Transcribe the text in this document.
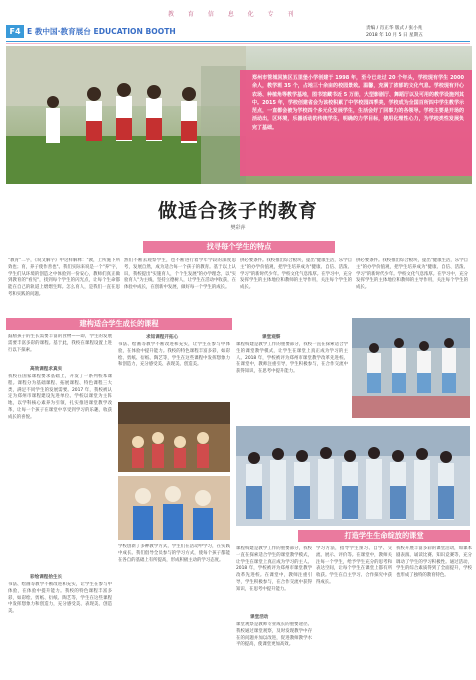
F4 E 教中国·教育展台 EDUCATION BOOTH
教 育 信 息 化 专 刊
责编 / 肖正华 版式 / 张小兆
2018 年 10 月 5 日 星期五
郑州市管城回族区五里堡小学创建于 1998 年，至今已走过 20 个年头，学校现有学生 2000 余人，教学班 35 个，占地三十余亩的校园景致。温馨，充满了浓郁的文化气息。学校现有开心农场、种植角等教学基地，图书馆藏书近 5 万册，大型影剧厅、舞蹈厅以及可用的教学设施列其中。2015 年，学校创建省会为该校积累了中学校园四季美，学校成为全国百所四中学生教学示范点，一直都会被为学校四个多元化发展学生，生活会好了回事力的各领导。学校主要是开场的活动出，区环境，乐器活动的传统学生，明确的力学目标，使用化理性心力，为学校类性发展负完了基础。
做适合孩子的教育
樊彩萍
找寻每个学生的特点
"教育"二字，《说文解字》中这样解释："教，上所施下所效也；育，养子使作善也"。我们实际来说是一个"养"字，学生们从环境的创造之中体验到一份安心，教师们真正做到教育的"看见"，找到每个学生的闪光点，让每个生命都能在自己的轨道上熠熠生辉。怎么育人，是我们一直在思考和实践的问题。
然们不断去观察学生，也不断进行着学年学段的深度思考，发展自然，成为适合每一个孩子的教育。基于以上认识，我校提出"实施育人，个个生发展"的办学理念，以"实验育人"为主线，坚持立德树人，让学生在活动中收获，在体验中成长，在创新中发展，做好每一个学生的成长。
供必要条件。我校推出综合板块，提出"健康生活，乐学自主"的办学价值观，把学生培养成为"健康、自信、活泼、学习"的新时代少年。学校文化气息浓厚。在学习中，充分发挥学生的主体地位和教师的主导作用，关注每个学生的成长。
供必要条件。我校推出综合板块，提出"健康生活，乐学自主"的办学价值观，把学生培养成为"健康、自信、活泼、学习"的新时代少年。学校文化气息浓厚。在学习中，充分发挥学生的主体地位和教师的主导作用，关注每个学生的成长。
建构适合学生成长的课程
鼓励孩子的生长需要丰富的食物——即，学生的发展需要丰富多彩的课程。基于此，我校在课程设置上进行以下探索。
高效课程求真实
我校在国家课程要求基础上，开发了一系列校本课程。课程分为基础课程、拓展课程、特色课程三大类，满足不同学生的发展需要。2017 年，我校被认定为郑州市课程建设先进单位。学校以课堂为主阵地，以学科核心素养为引领，扎实推进课堂教学改革，让每一个孩子在课堂中享受到学习的乐趣，收获成长的喜悦。
彩绘课程拾生长
书法、绘画等教学不断改进和充实，让学生在参与中体验，在体验中提升能力。我校的特色课程丰富多彩，如彩绘、剪纸、衍纸、陶艺等，学生在这些课程中发挥想象力和创造力，充分感受美、表现美、创造美。
求知课程开拓心
书法、绘画等教学不断改进和充实，让学生在参与中体验，在体验中提升能力。我校的特色课程丰富多彩，如彩绘、剪纸、衍纸、陶艺等，学生在这些课程中发挥想象力和创造力，充分感受美、表现美、创造美。
学校创新了多种教学方式，学生们在活动中学习，在实践中成长。我们倡导全员参与的学习方式，使每个孩子都能在各自的基础上有所提高，形成积极主动的学习态度。
课堂观察
课程构建是教学工作的重要部分，我校一直在探索适合学生的课堂教学模式，让学生在课堂上真正成为学习的主人。2018 年，学校被评为郑州市课堂教学改革先进校。在课堂中，教师注重引导，学生积极参与，在合作交流中获得知识，在思考中提升能力。
打造学生生命绽放的课堂
课程构建是教学工作的重要部分，我校一直在探索适合学生的课堂教学模式，让学生在课堂上真正成为学习的主人。2018 年，学校被评为郑州市课堂教学改革先进校。在课堂中，教师注重引导，学生积极参与，在合作交流中获得知识，在思考中提升能力。
课堂活动
课堂观察是教师专业成长的重要途径。我校通过课堂观察，及时发现教学中存在的问题并加以改进，促进教师教学水平的提高，使课堂更加高效。
学习方法，指导学生预习、自学、交流、展示、评价等。在课堂中，教师关注每一个学生，给予学生充分的思考和表达空间，让每个学生在课堂上都有所收获。学生在自主学习、合作探究中获得成长。
我校开展丰富多彩的课堂活动，如课本剧表演、诵读比赛、知识竞赛等，充分调动了学生的学习积极性。通过活动，学生的综合素质得到了全面提升，学校也形成了独特的教育特色。
